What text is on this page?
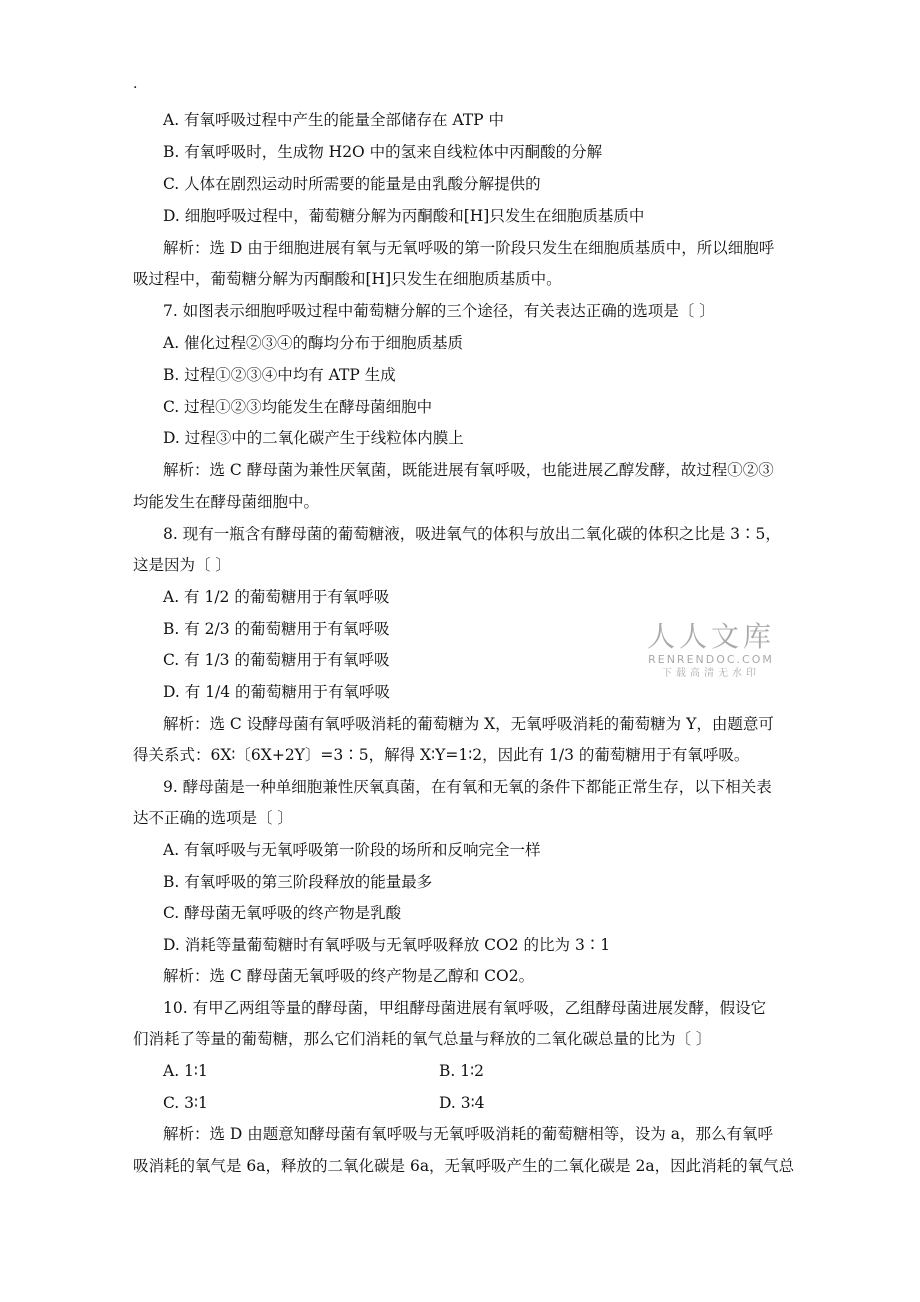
.
A. 有氧呼吸过程中产生的能量全部储存在 ATP 中
B. 有氧呼吸时，生成物 H2O 中的氢来自线粒体中丙酮酸的分解
C. 人体在剧烈运动时所需要的能量是由乳酸分解提供的
D. 细胞呼吸过程中，葡萄糖分解为丙酮酸和[H]只发生在细胞质基质中
解析：选 D 由于细胞进展有氧与无氧呼吸的第一阶段只发生在细胞质基质中，所以细胞呼
吸过程中，葡萄糖分解为丙酮酸和[H]只发生在细胞质基质中。
7. 如图表示细胞呼吸过程中葡萄糖分解的三个途径，有关表达正确的选项是〔 〕
A. 催化过程②③④的酶均分布于细胞质基质
B. 过程①②③④中均有 ATP 生成
C. 过程①②③均能发生在酵母菌细胞中
D. 过程③中的二氧化碳产生于线粒体内膜上
解析：选 C 酵母菌为兼性厌氧菌，既能进展有氧呼吸，也能进展乙醇发酵，故过程①②③
均能发生在酵母菌细胞中。
8. 现有一瓶含有酵母菌的葡萄糖液，吸进氧气的体积与放出二氧化碳的体积之比是 3∶5，
这是因为〔 〕
A. 有 1/2 的葡萄糖用于有氧呼吸
B. 有 2/3 的葡萄糖用于有氧呼吸
C. 有 1/3 的葡萄糖用于有氧呼吸
D. 有 1/4 的葡萄糖用于有氧呼吸
解析：选 C 设酵母菌有氧呼吸消耗的葡萄糖为 X，无氧呼吸消耗的葡萄糖为 Y，由题意可
得关系式：6X∶〔6X+2Y〕=3∶5，解得 X∶Y=1∶2，因此有 1/3 的葡萄糖用于有氧呼吸。
9. 酵母菌是一种单细胞兼性厌氧真菌，在有氧和无氧的条件下都能正常生存，以下相关表
达不正确的选项是〔 〕
A. 有氧呼吸与无氧呼吸第一阶段的场所和反响完全一样
B. 有氧呼吸的第三阶段释放的能量最多
C. 酵母菌无氧呼吸的终产物是乳酸
D. 消耗等量葡萄糖时有氧呼吸与无氧呼吸释放 CO2 的比为 3∶1
解析：选 C 酵母菌无氧呼吸的终产物是乙醇和 CO2。
10. 有甲乙两组等量的酵母菌，甲组酵母菌进展有氧呼吸，乙组酵母菌进展发酵，假设它
们消耗了等量的葡萄糖，那么它们消耗的氧气总量与释放的二氧化碳总量的比为〔 〕
A. 1∶1	B. 1∶2
C. 3∶1	D. 3∶4
解析：选 D 由题意知酵母菌有氧呼吸与无氧呼吸消耗的葡萄糖相等，设为 a，那么有氧呼
吸消耗的氧气是 6a，释放的二氧化碳是 6a，无氧呼吸产生的二氧化碳是 2a，因此消耗的氧气总
人人文库
RENRENDOC.COM
下载高清无水印
